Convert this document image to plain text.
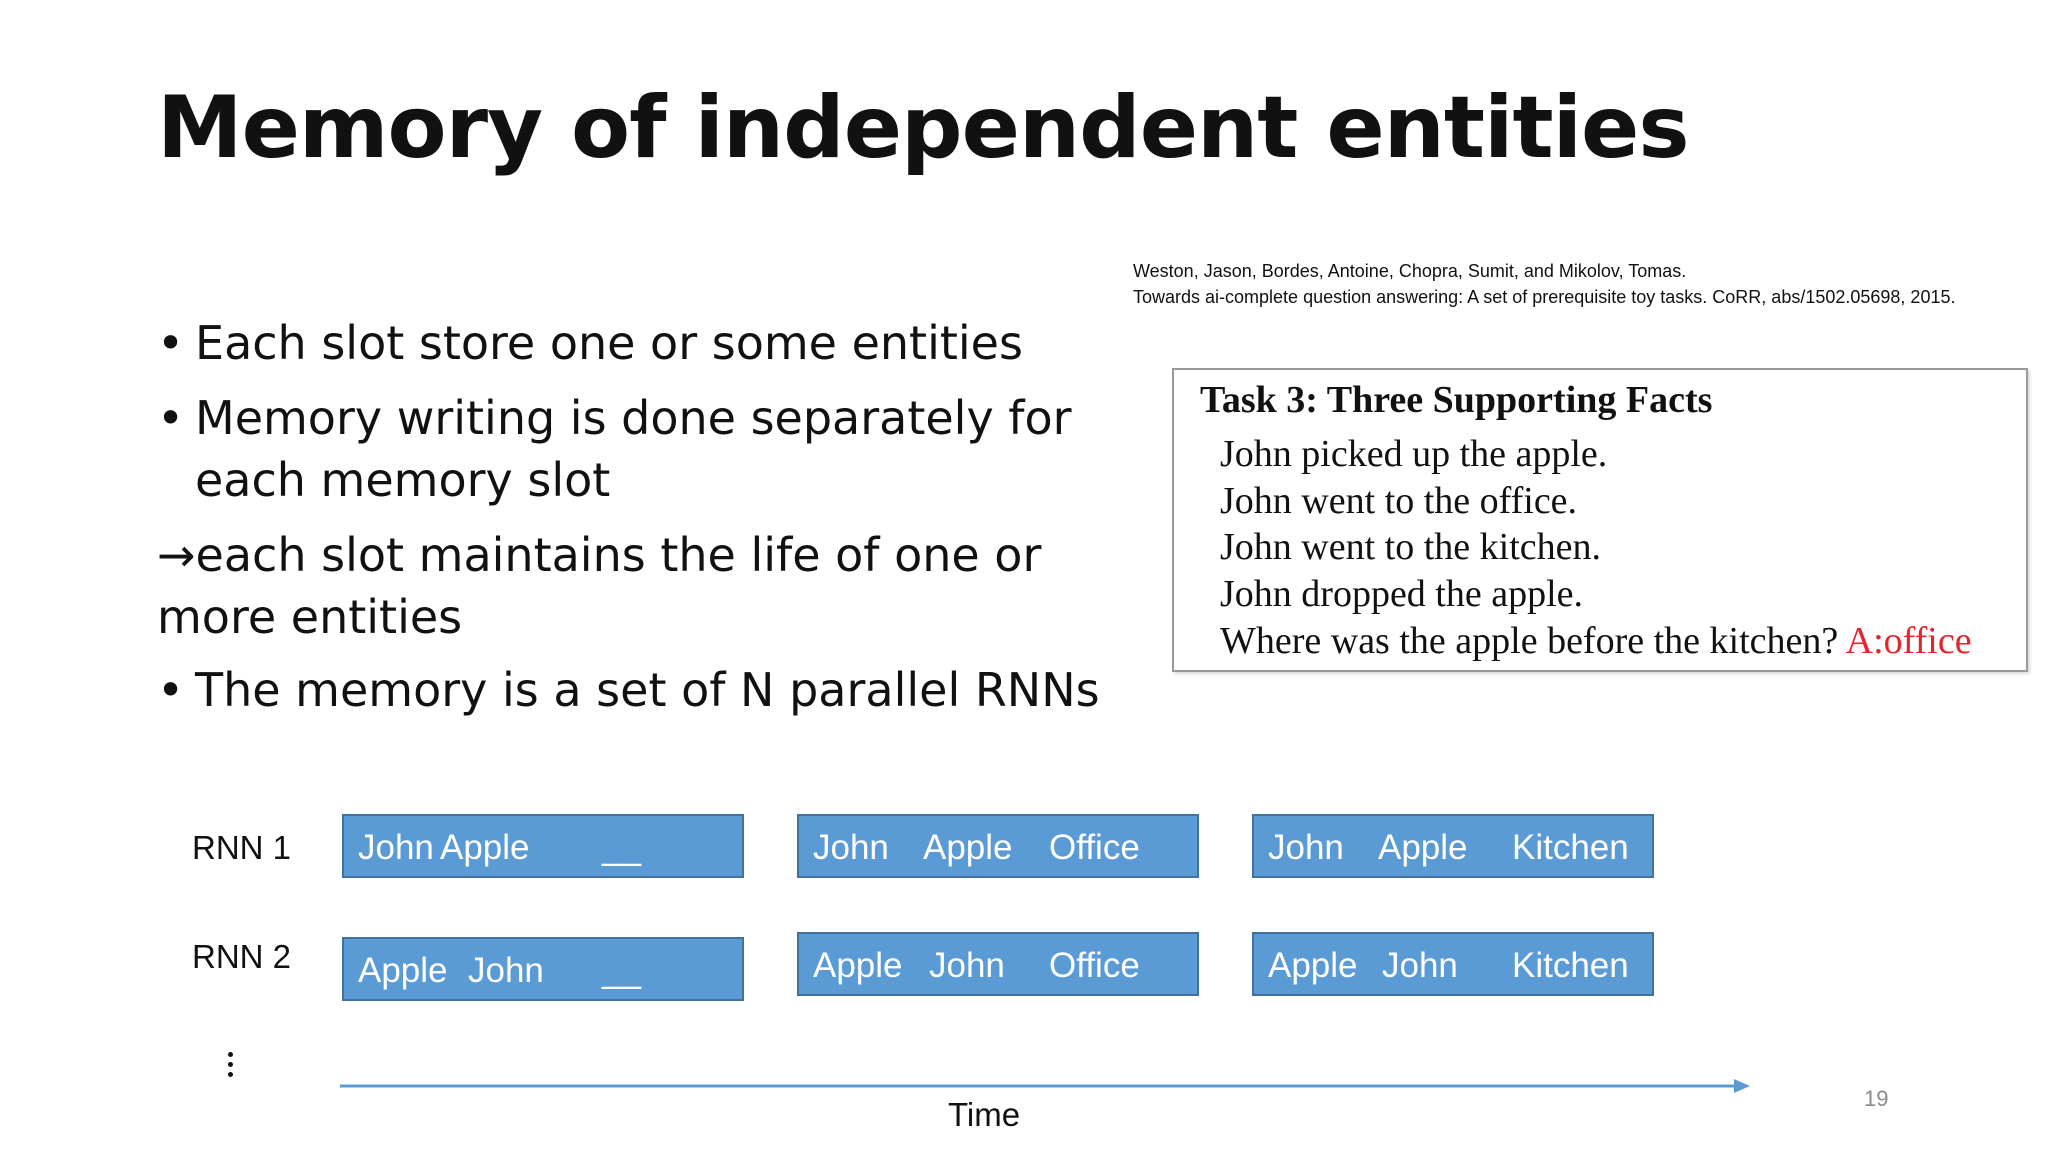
Memory of independent entities
Weston, Jason, Bordes, Antoine, Chopra, Sumit, and Mikolov, Tomas.
Towards ai-complete question answering: A set of prerequisite toy tasks. CoRR, abs/1502.05698, 2015.
• Each slot store one or some entities
• Memory writing is done separately for
each memory slot
→each slot maintains the life of one or
more entities
• The memory is a set of N parallel RNNs
Task 3: Three Supporting Facts
John picked up the apple.
John went to the office.
John went to the kitchen.
John dropped the apple.
Where was the apple before the kitchen? A:office
RNN 1
RNN 2
John Apple __	John Apple Office	John Apple Kitchen
Apple John __	Apple John Office	Apple John Kitchen
Time	19
